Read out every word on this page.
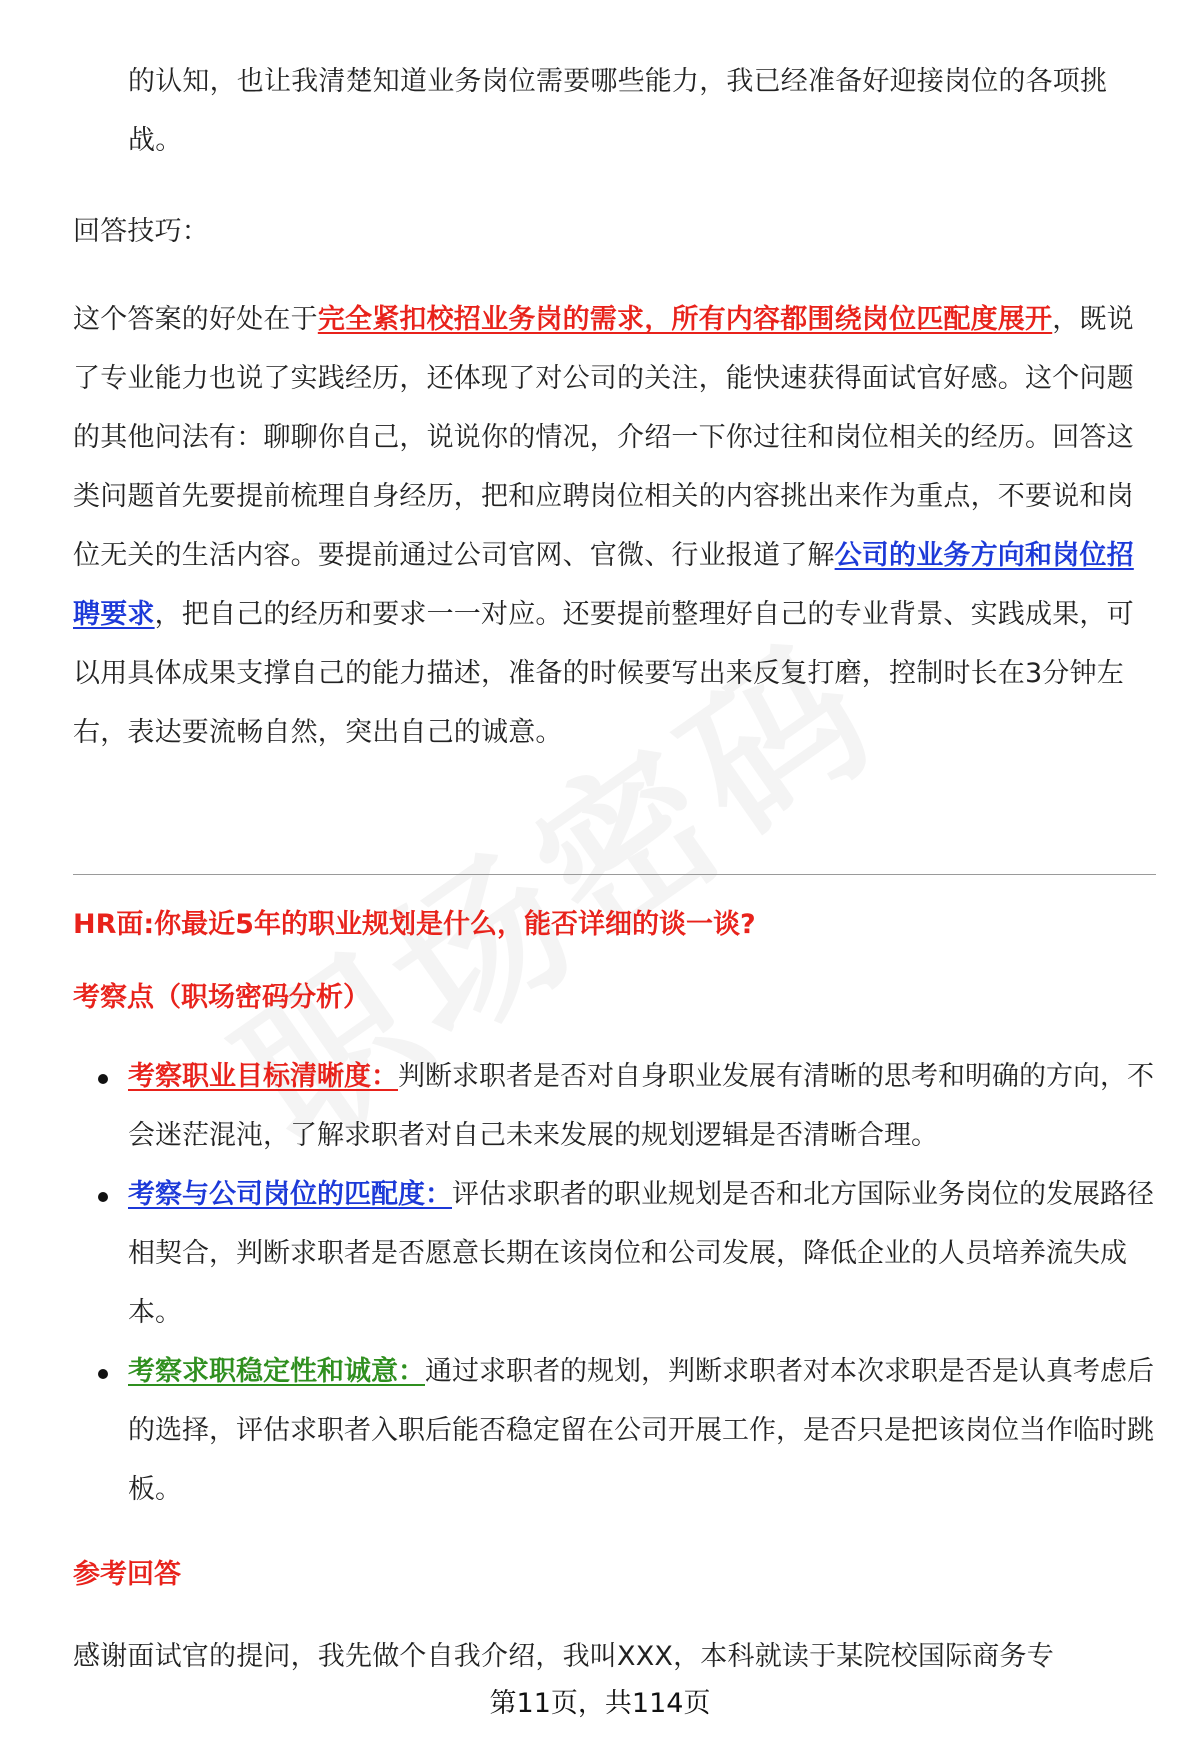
的认知，也让我清楚知道业务岗位需要哪些能力，我已经准备好迎接岗位的各项挑战。
回答技巧：
这个答案的好处在于完全紧扣校招业务岗的需求，所有内容都围绕岗位匹配度展开，既说了专业能力也说了实践经历，还体现了对公司的关注，能快速获得面试官好感。这个问题的其他问法有：聊聊你自己，说说你的情况，介绍一下你过往和岗位相关的经历。回答这类问题首先要提前梳理自身经历，把和应聘岗位相关的内容挑出来作为重点，不要说和岗位无关的生活内容。要提前通过公司官网、官微、行业报道了解公司的业务方向和岗位招聘要求，把自己的经历和要求一一对应。还要提前整理好自己的专业背景、实践成果，可以用具体成果支撑自己的能力描述，准备的时候要写出来反复打磨，控制时长在3分钟左右，表达要流畅自然，突出自己的诚意。
HR面:你最近5年的职业规划是什么，能否详细的谈一谈?
考察点（职场密码分析）
考察职业目标清晰度：判断求职者是否对自身职业发展有清晰的思考和明确的方向，不会迷茫混沌，了解求职者对自己未来发展的规划逻辑是否清晰合理。
考察与公司岗位的匹配度：评估求职者的职业规划是否和北方国际业务岗位的发展路径相契合，判断求职者是否愿意长期在该岗位和公司发展，降低企业的人员培养流失成本。
考察求职稳定性和诚意：通过求职者的规划，判断求职者对本次求职是否是认真考虑后的选择，评估求职者入职后能否稳定留在公司开展工作，是否只是把该岗位当作临时跳板。
参考回答
感谢面试官的提问，我先做个自我介绍，我叫XXX，本科就读于某院校国际商务专
第11页，共114页
